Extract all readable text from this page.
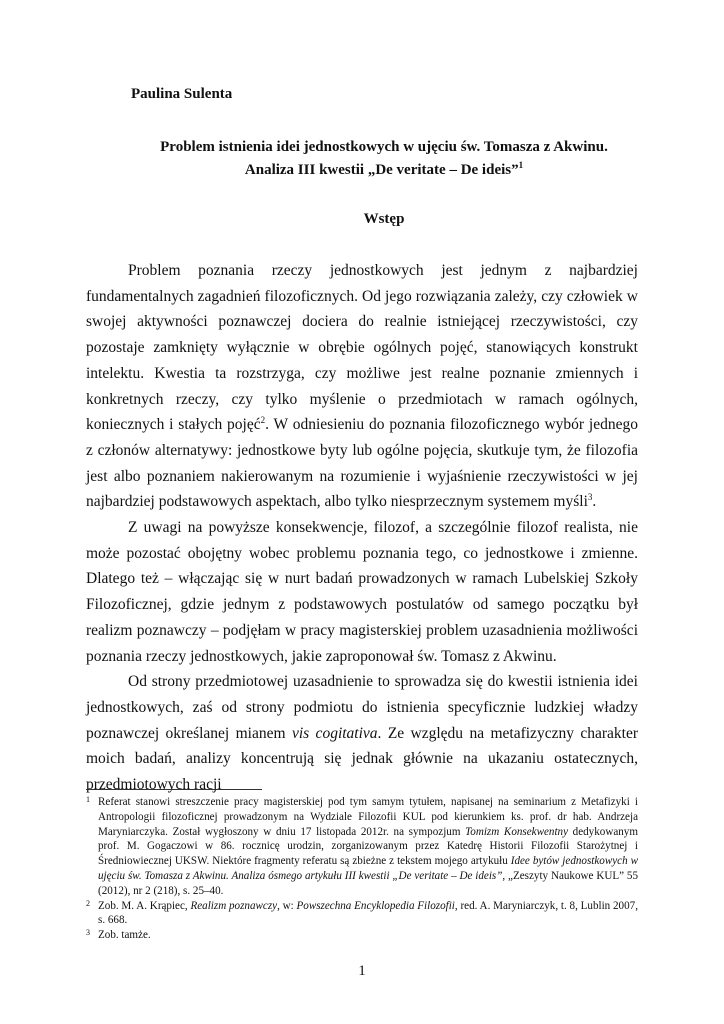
Paulina Sulenta
Problem istnienia idei jednostkowych w ujęciu św. Tomasza z Akwinu.
Analiza III kwestii „De veritate – De ideis”$^1$
Wstęp

Problem poznania rzeczy jednostkowych jest jednym z najbardziej fundamentalnych zagadnień filozoficznych. Od jego rozwiązania zależy, czy człowiek w swojej aktywności poznawczej dociera do realnie istniejącej rzeczywistości, czy pozostaje zamknięty wyłącznie w obrębie ogólnych pojęć, stanowiących konstrukt intelektu. Kwestia ta rozstrzyga, czy możliwe jest realne poznanie zmiennych i konkretnych rzeczy, czy tylko myślenie o przedmiotach w ramach ogólnych, koniecznych i stałych pojęć$^2$. W odniesieniu do poznania filozoficznego wybór jednego z członów alternatywy: jednostkowe byty lub ogólne pojęcia, skutkuje tym, że filozofia jest albo poznaniem nakierowanym na rozumienie i wyjaśnienie rzeczywistości w jej najbardziej podstawowych aspektach, albo tylko niesprzecznym systemem myśli$^3$.

Z uwagi na powyższe konsekwencje, filozof, a szczególnie filozof realista, nie może pozostać obojętny wobec problemu poznania tego, co jednostkowe i zmienne. Dlatego też – włączając się w nurt badań prowadzonych w ramach Lubelskiej Szkoły Filozoficznej, gdzie jednym z podstawowych postulatów od samego początku był realizm poznawczy – podjęłam w pracy magisterskiej problem uzasadnienia możliwości poznania rzeczy jednostkowych, jakie zaproponował św. Tomasz z Akwinu.

Od strony przedmiotowej uzasadnienie to sprowadza się do kwestii istnienia idei jednostkowych, zaś od strony podmiotu do istnienia specyficznie ludzkiej władzy poznawczej określanej mianem vis cogitativa. Ze względu na metafizyczny charakter moich badań, analizy koncentrują się jednak głównie na ukazaniu ostatecznych, przedmiotowych racji

1 Referat stanowi streszczenie pracy magisterskiej pod tym samym tytułem, napisanej na seminarium z Metafizyki i Antropologii filozoficznej prowadzonym na Wydziale Filozofii KUL pod kierunkiem ks. prof. dr hab. Andrzeja Maryniarczyka. Został wygłoszony w dniu 17 listopada 2012r. na sympozjum Tomizm Konsekwentny dedykowanym prof. M. Gogaczowi w 86. rocznicę urodzin, zorganizowanym przez Katedrę Historii Filozofii Starożytnej i Średniowiecznej UKSW. Niektóre fragmenty referatu są zbieżne z tekstem mojego artykułu Idee bytów jednostkowych w ujęciu św. Tomasza z Akwinu. Analiza ósmego artykułu III kwestii „De veritate – De ideis”, „Zeszyty Naukowe KUL” 55 (2012), nr 2 (218), s. 25–40.
2 Zob. M. A. Krąpiec, Realizm poznawczy, w: Powszechna Encyklopedia Filozofii, red. A. Maryniarczyk, t. 8, Lublin 2007, s. 668.
3 Zob. tamże.
1
